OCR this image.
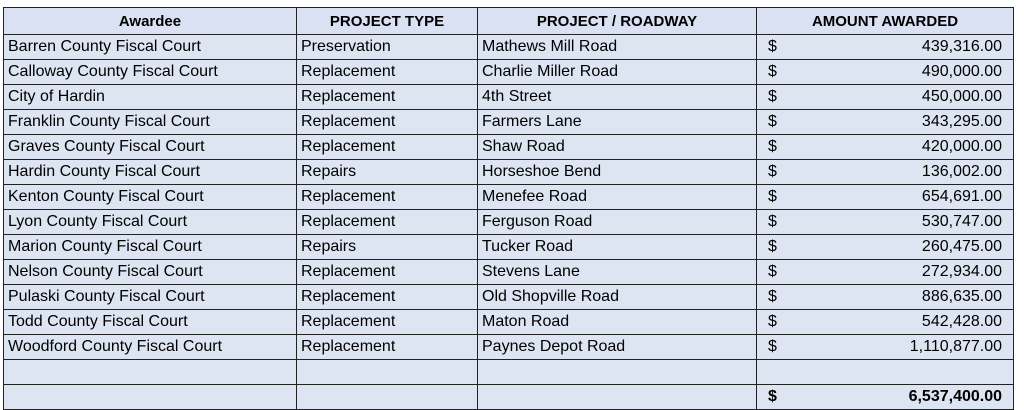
Awardee	PROJECT TYPE	PROJECT / ROADWAY	AMOUNT AWARDED
Barren County Fiscal Court	Preservation	Mathews Mill Road	$ 439,316.00

Calloway County Fiscal Court	Replacement	Charlie Miller Road	$ 490,000.00

City of Hardin	Replacement	4th Street	$ 450,000.00

Franklin County Fiscal Court	Replacement	Farmers Lane	$ 343,295.00

Graves County Fiscal Court	Replacement	Shaw Road	$ 420,000.00

Hardin County Fiscal Court	Repairs	Horseshoe Bend	$ 136,002.00

Kenton County Fiscal Court	Replacement	Menefee Road	$ 654,691.00

Lyon County Fiscal Court	Replacement	Ferguson Road	$ 530,747.00

Marion County Fiscal Court	Repairs	Tucker Road	$ 260,475.00

Nelson County Fiscal Court	Replacement	Stevens Lane	$ 272,934.00

Pulaski County Fiscal Court	Replacement	Old Shopville Road	$ 886,635.00

Todd County Fiscal Court	Replacement	Maton Road	$ 542,428.00

Woodford County Fiscal Court	Replacement	Paynes Depot Road	$ 1,110,877.00

			$ 6,537,400.00
